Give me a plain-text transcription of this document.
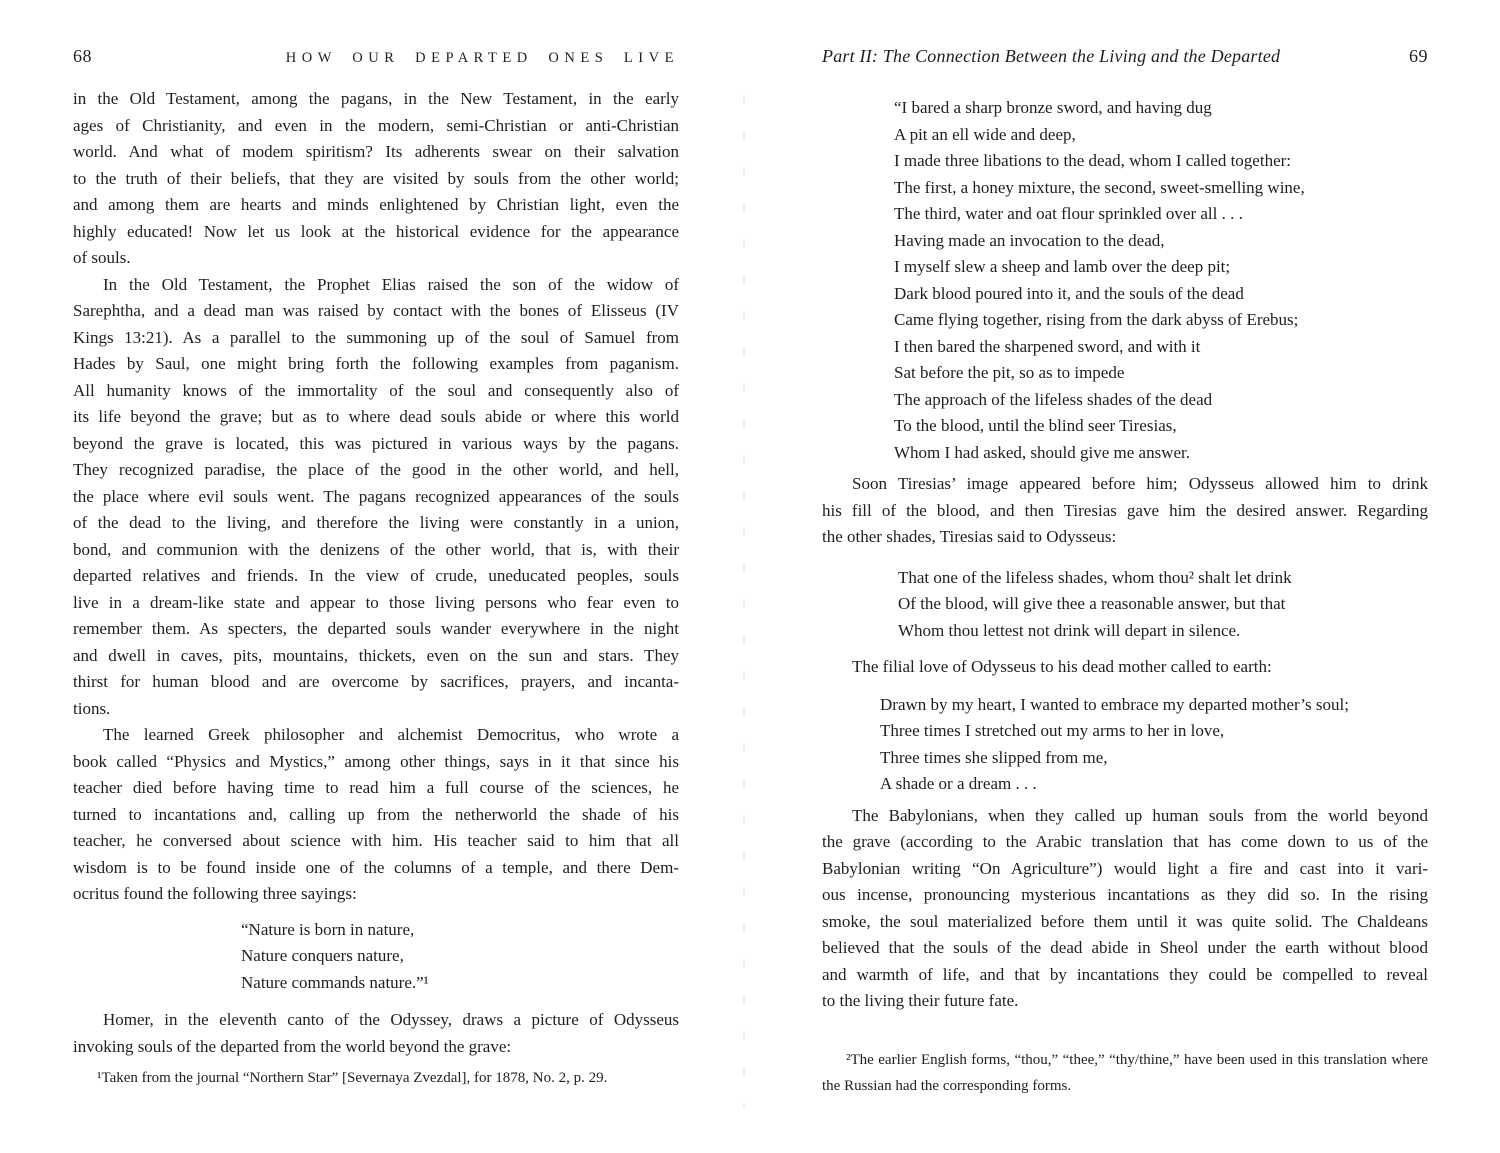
68	HOW OUR DEPARTED ONES LIVE
in the Old Testament, among the pagans, in the New Testament, in the early
ages of Christianity, and even in the modern, semi-Christian or anti-Christian
world. And what of modem spiritism? Its adherents swear on their salvation
to the truth of their beliefs, that they are visited by souls from the other world;
and among them are hearts and minds enlightened by Christian light, even the
highly educated! Now let us look at the historical evidence for the appearance
of souls.
In the Old Testament, the Prophet Elias raised the son of the widow of
Sarephtha, and a dead man was raised by contact with the bones of Elisseus (IV
Kings 13:21). As a parallel to the summoning up of the soul of Samuel from
Hades by Saul, one might bring forth the following examples from paganism.
All humanity knows of the immortality of the soul and consequently also of
its life beyond the grave; but as to where dead souls abide or where this world
beyond the grave is located, this was pictured in various ways by the pagans.
They recognized paradise, the place of the good in the other world, and hell,
the place where evil souls went. The pagans recognized appearances of the souls
of the dead to the living, and therefore the living were constantly in a union,
bond, and communion with the denizens of the other world, that is, with their
departed relatives and friends. In the view of crude, uneducated peoples, souls
live in a dream-like state and appear to those living persons who fear even to
remember them. As specters, the departed souls wander everywhere in the night
and dwell in caves, pits, mountains, thickets, even on the sun and stars. They
thirst for human blood and are overcome by sacrifices, prayers, and incanta-
tions.
The learned Greek philosopher and alchemist Democritus, who wrote a
book called “Physics and Mystics,” among other things, says in it that since his
teacher died before having time to read him a full course of the sciences, he
turned to incantations and, calling up from the netherworld the shade of his
teacher, he conversed about science with him. His teacher said to him that all
wisdom is to be found inside one of the columns of a temple, and there Dem-
ocritus found the following three sayings:
“Nature is born in nature,
Nature conquers nature,
Nature commands nature.”¹
Homer, in the eleventh canto of the Odyssey, draws a picture of Odysseus
invoking souls of the departed from the world beyond the grave:
¹Taken from the journal “Northern Star” [Severnaya Zvezdal], for 1878, No. 2, p. 29.
Part II: The Connection Between the Living and the Departed	69
“I bared a sharp bronze sword, and having dug
A pit an ell wide and deep,
I made three libations to the dead, whom I called together:
The first, a honey mixture, the second, sweet-smelling wine,
The third, water and oat flour sprinkled over all . . .
Having made an invocation to the dead,
I myself slew a sheep and lamb over the deep pit;
Dark blood poured into it, and the souls of the dead
Came flying together, rising from the dark abyss of Erebus;
I then bared the sharpened sword, and with it
Sat before the pit, so as to impede
The approach of the lifeless shades of the dead
To the blood, until the blind seer Tiresias,
Whom I had asked, should give me answer.
Soon Tiresias’ image appeared before him; Odysseus allowed him to drink
his fill of the blood, and then Tiresias gave him the desired answer. Regarding
the other shades, Tiresias said to Odysseus:
That one of the lifeless shades, whom thou² shalt let drink
Of the blood, will give thee a reasonable answer, but that
Whom thou lettest not drink will depart in silence.
The filial love of Odysseus to his dead mother called to earth:
Drawn by my heart, I wanted to embrace my departed mother’s soul;
Three times I stretched out my arms to her in love,
Three times she slipped from me,
A shade or a dream . . .
The Babylonians, when they called up human souls from the world beyond
the grave (according to the Arabic translation that has come down to us of the
Babylonian writing “On Agriculture”) would light a fire and cast into it vari-
ous incense, pronouncing mysterious incantations as they did so. In the rising
smoke, the soul materialized before them until it was quite solid. The Chaldeans
believed that the souls of the dead abide in Sheol under the earth without blood
and warmth of life, and that by incantations they could be compelled to reveal
to the living their future fate.
²The earlier English forms, “thou,” “thee,” “thy/thine,” have been used in this translation where
the Russian had the corresponding forms.
